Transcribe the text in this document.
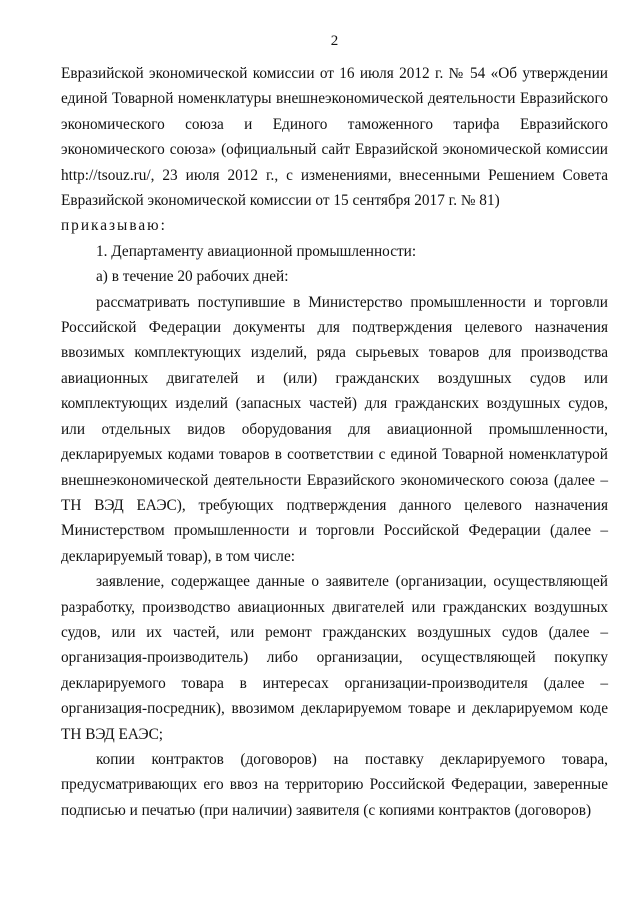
2

Евразийской экономической комиссии от 16 июля 2012 г. № 54 «Об утверждении единой Товарной номенклатуры внешнеэкономической деятельности Евразийского экономического союза и Единого таможенного тарифа Евразийского экономического союза» (официальный сайт Евразийской экономической комиссии http://tsouz.ru/, 23 июля 2012 г., с изменениями, внесенными Решением Совета Евразийской экономической комиссии от 15 сентября 2017 г. № 81)

приказываю:

1. Департаменту авиационной промышленности:

а) в течение 20 рабочих дней:

рассматривать поступившие в Министерство промышленности и торговли Российской Федерации документы для подтверждения целевого назначения ввозимых комплектующих изделий, ряда сырьевых товаров для производства авиационных двигателей и (или) гражданских воздушных судов или комплектующих изделий (запасных частей) для гражданских воздушных судов, или отдельных видов оборудования для авиационной промышленности, декларируемых кодами товаров в соответствии с единой Товарной номенклатурой внешнеэкономической деятельности Евразийского экономического союза (далее – ТН ВЭД ЕАЭС), требующих подтверждения данного целевого назначения Министерством промышленности и торговли Российской Федерации (далее – декларируемый товар), в том числе:

заявление, содержащее данные о заявителе (организации, осуществляющей разработку, производство авиационных двигателей или гражданских воздушных судов, или их частей, или ремонт гражданских воздушных судов (далее – организация-производитель) либо организации, осуществляющей покупку декларируемого товара в интересах организации-производителя (далее – организация-посредник), ввозимом декларируемом товаре и декларируемом коде ТН ВЭД ЕАЭС;

копии контрактов (договоров) на поставку декларируемого товара, предусматривающих его ввоз на территорию Российской Федерации, заверенные подписью и печатью (при наличии) заявителя (с копиями контрактов (договоров)
